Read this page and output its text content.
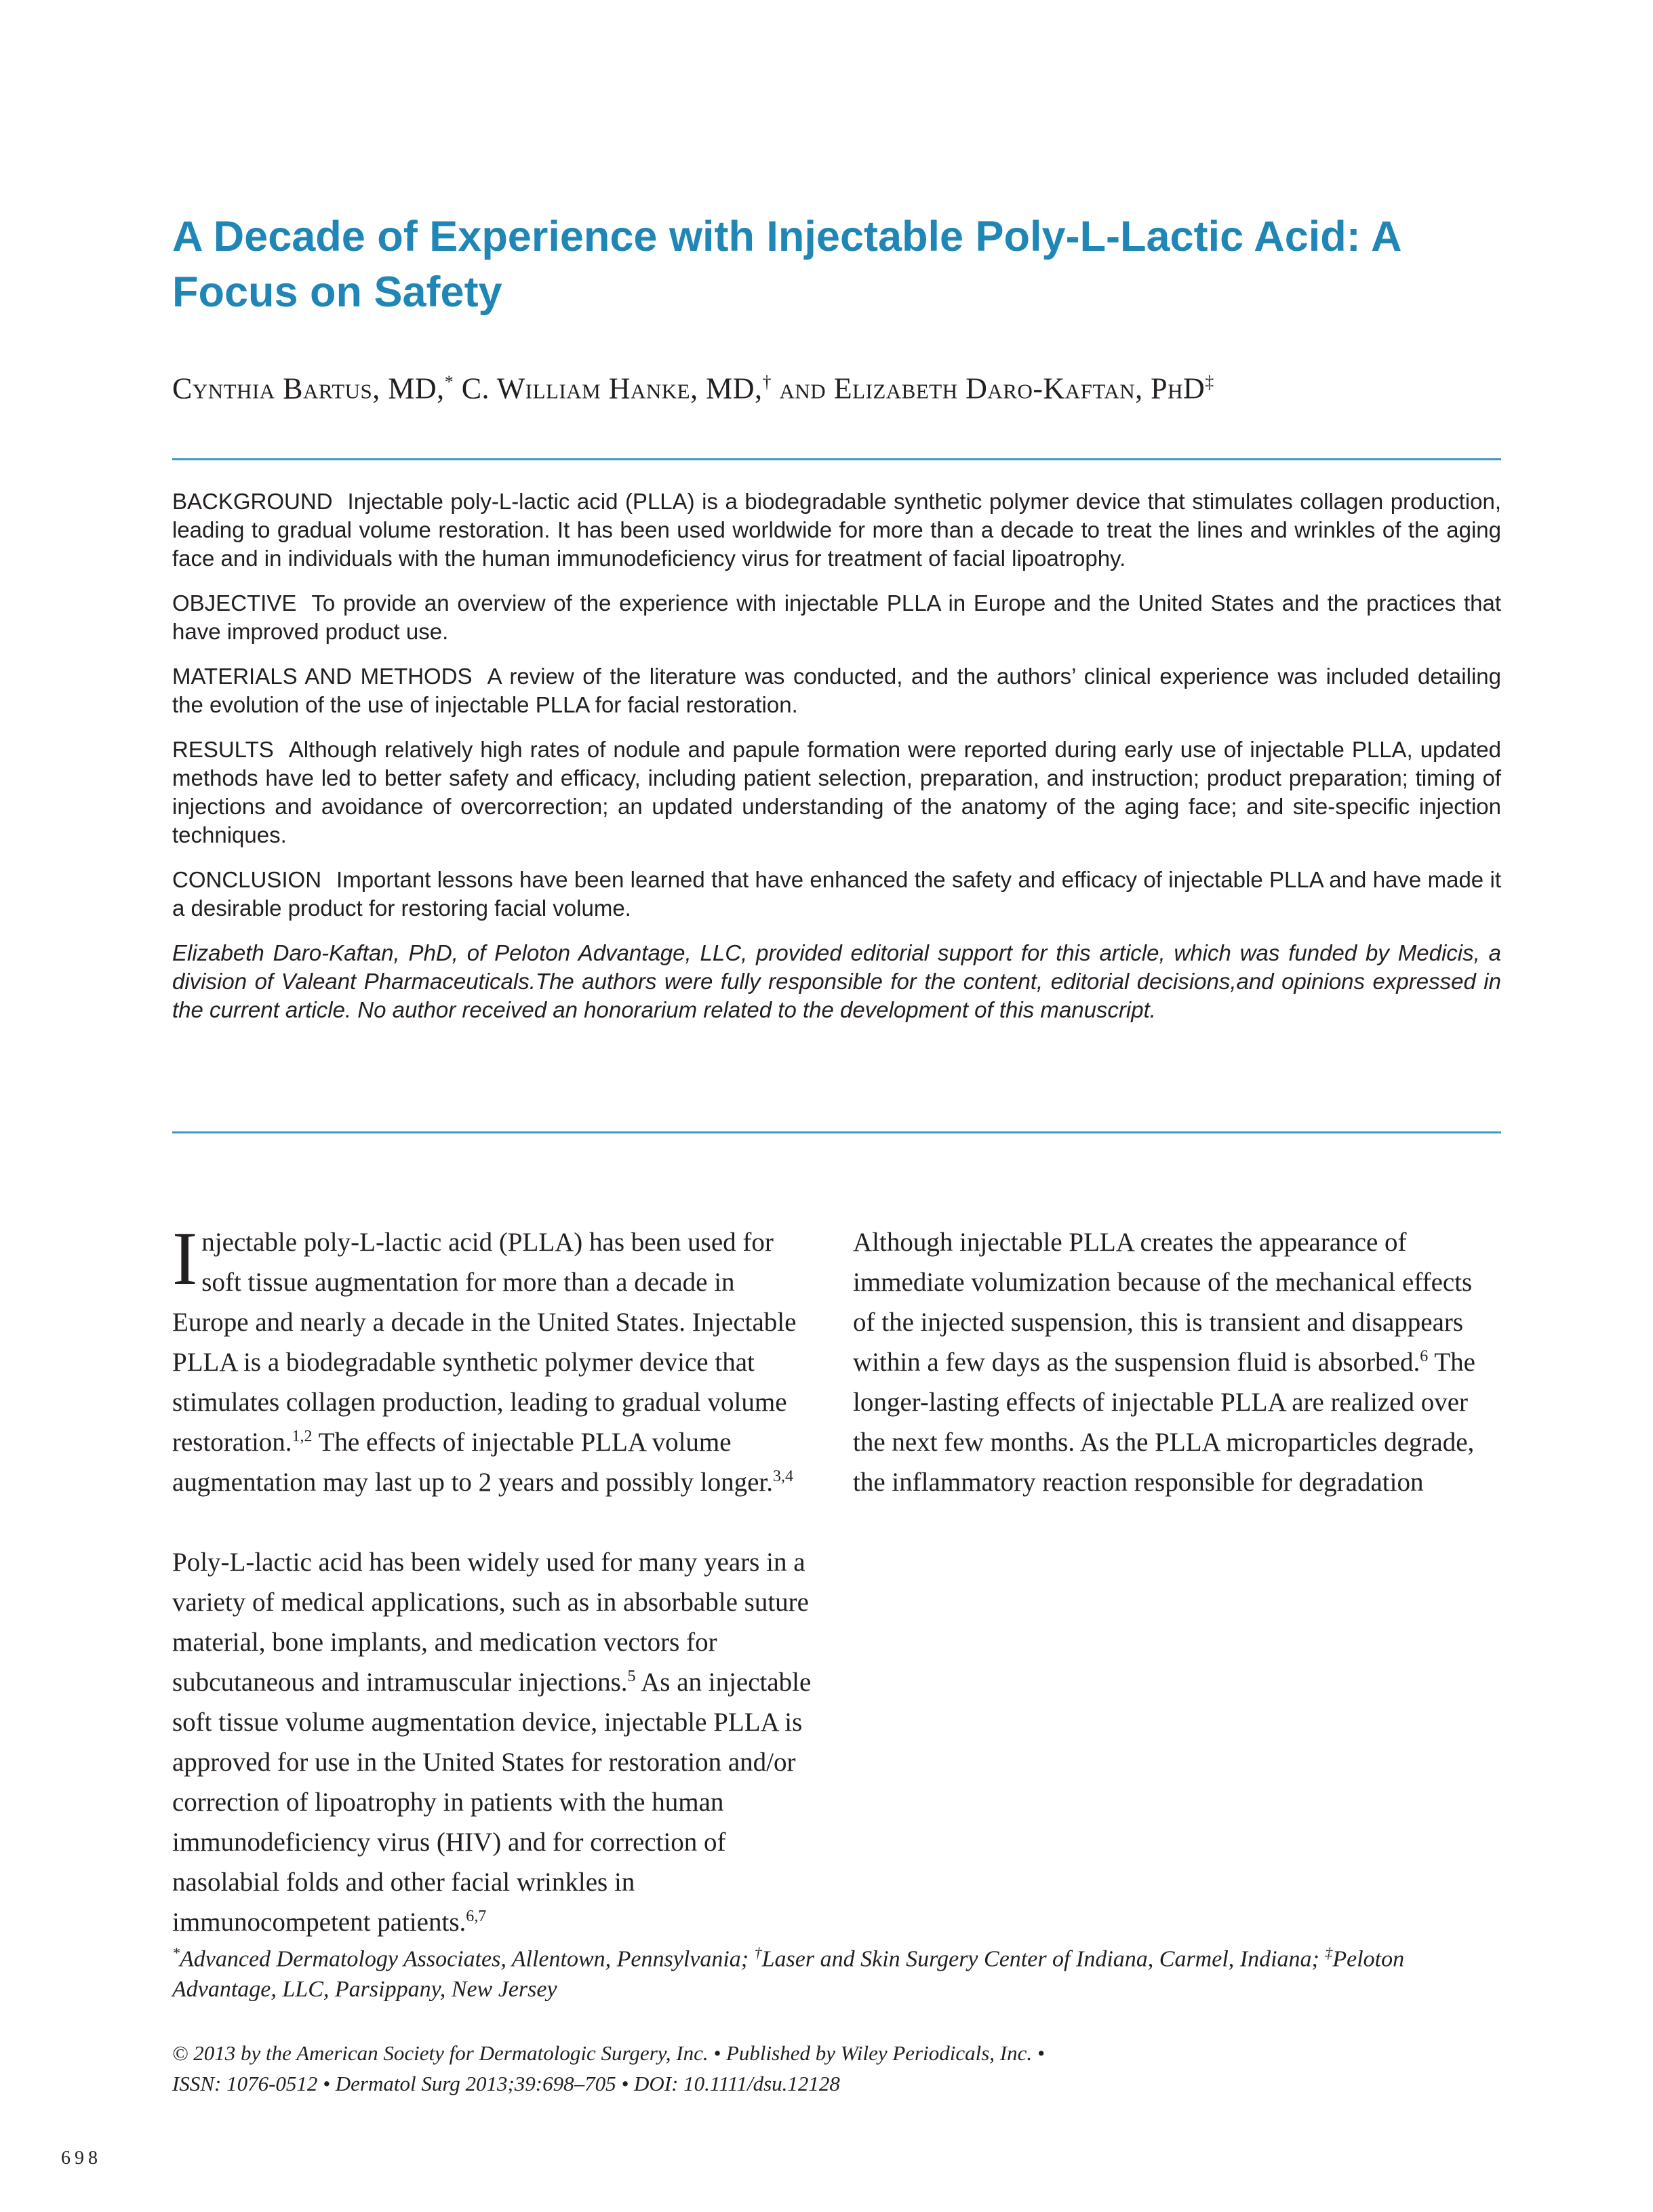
A Decade of Experience with Injectable Poly-L-Lactic Acid: A Focus on Safety

Cynthia Bartus, MD,* C. William Hanke, MD,† and Elizabeth Daro-Kaftan, PhD‡

BACKGROUND Injectable poly-L-lactic acid (PLLA) is a biodegradable synthetic polymer device that stimulates collagen production, leading to gradual volume restoration. It has been used worldwide for more than a decade to treat the lines and wrinkles of the aging face and in individuals with the human immunodeficiency virus for treatment of facial lipoatrophy.

OBJECTIVE To provide an overview of the experience with injectable PLLA in Europe and the United States and the practices that have improved product use.

MATERIALS AND METHODS A review of the literature was conducted, and the authors’ clinical experience was included detailing the evolution of the use of injectable PLLA for facial restoration.

RESULTS Although relatively high rates of nodule and papule formation were reported during early use of injectable PLLA, updated methods have led to better safety and efficacy, including patient selection, preparation, and instruction; product preparation; timing of injections and avoidance of overcorrection; an updated understanding of the anatomy of the aging face; and site-specific injection techniques.

CONCLUSION Important lessons have been learned that have enhanced the safety and efficacy of injectable PLLA and have made it a desirable product for restoring facial volume.

Elizabeth Daro-Kaftan, PhD, of Peloton Advantage, LLC, provided editorial support for this article, which was funded by Medicis, a division of Valeant Pharmaceuticals.The authors were fully responsible for the content, editorial decisions,and opinions expressed in the current article. No author received an honorarium related to the development of this manuscript.

Injectable poly-L-lactic acid (PLLA) has been used for soft tissue augmentation for more than a decade in Europe and nearly a decade in the United States. Injectable PLLA is a biodegradable synthetic polymer device that stimulates collagen production, leading to gradual volume restoration.$^{1,2}$ The effects of injectable PLLA volume augmentation may last up to 2 years and possibly longer.$^{3,4}$

Poly-L-lactic acid has been widely used for many years in a variety of medical applications, such as in absorbable suture material, bone implants, and medication vectors for subcutaneous and intramuscular injections.$^5$ As an injectable soft tissue volume augmentation device, injectable PLLA is approved for use in the United States for restoration and/or correction of lipoatrophy in patients with the human immunodeficiency virus (HIV) and for correction of nasolabial folds and other facial wrinkles in immunocompetent patients.$^{6,7}$

Although injectable PLLA creates the appearance of immediate volumization because of the mechanical effects of the injected suspension, this is transient and disappears within a few days as the suspension fluid is absorbed.$^6$ The longer-lasting effects of injectable PLLA are realized over the next few months. As the PLLA microparticles degrade, the inflammatory reaction responsible for degradation

*Advanced Dermatology Associates, Allentown, Pennsylvania; †Laser and Skin Surgery Center of Indiana, Carmel, Indiana; ‡Peloton Advantage, LLC, Parsippany, New Jersey

© 2013 by the American Society for Dermatologic Surgery, Inc. • Published by Wiley Periodicals, Inc. •
ISSN: 1076-0512 • Dermatol Surg 2013;39:698–705 • DOI: 10.1111/dsu.12128

698
